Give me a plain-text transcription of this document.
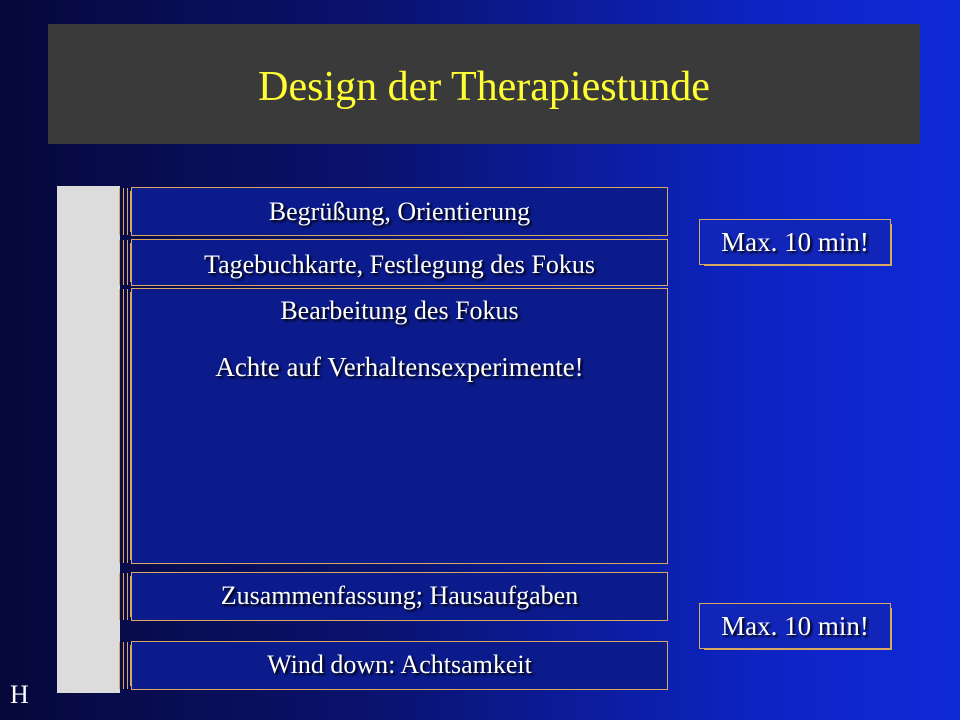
Design der Therapiestunde
Begrüßung, Orientierung
Tagebuchkarte, Festlegung des Fokus
Bearbeitung des Fokus
Achte auf Verhaltensexperimente!
Zusammenfassung; Hausaufgaben
Wind down: Achtsamkeit
Max. 10 min!
Max. 10 min!
H
